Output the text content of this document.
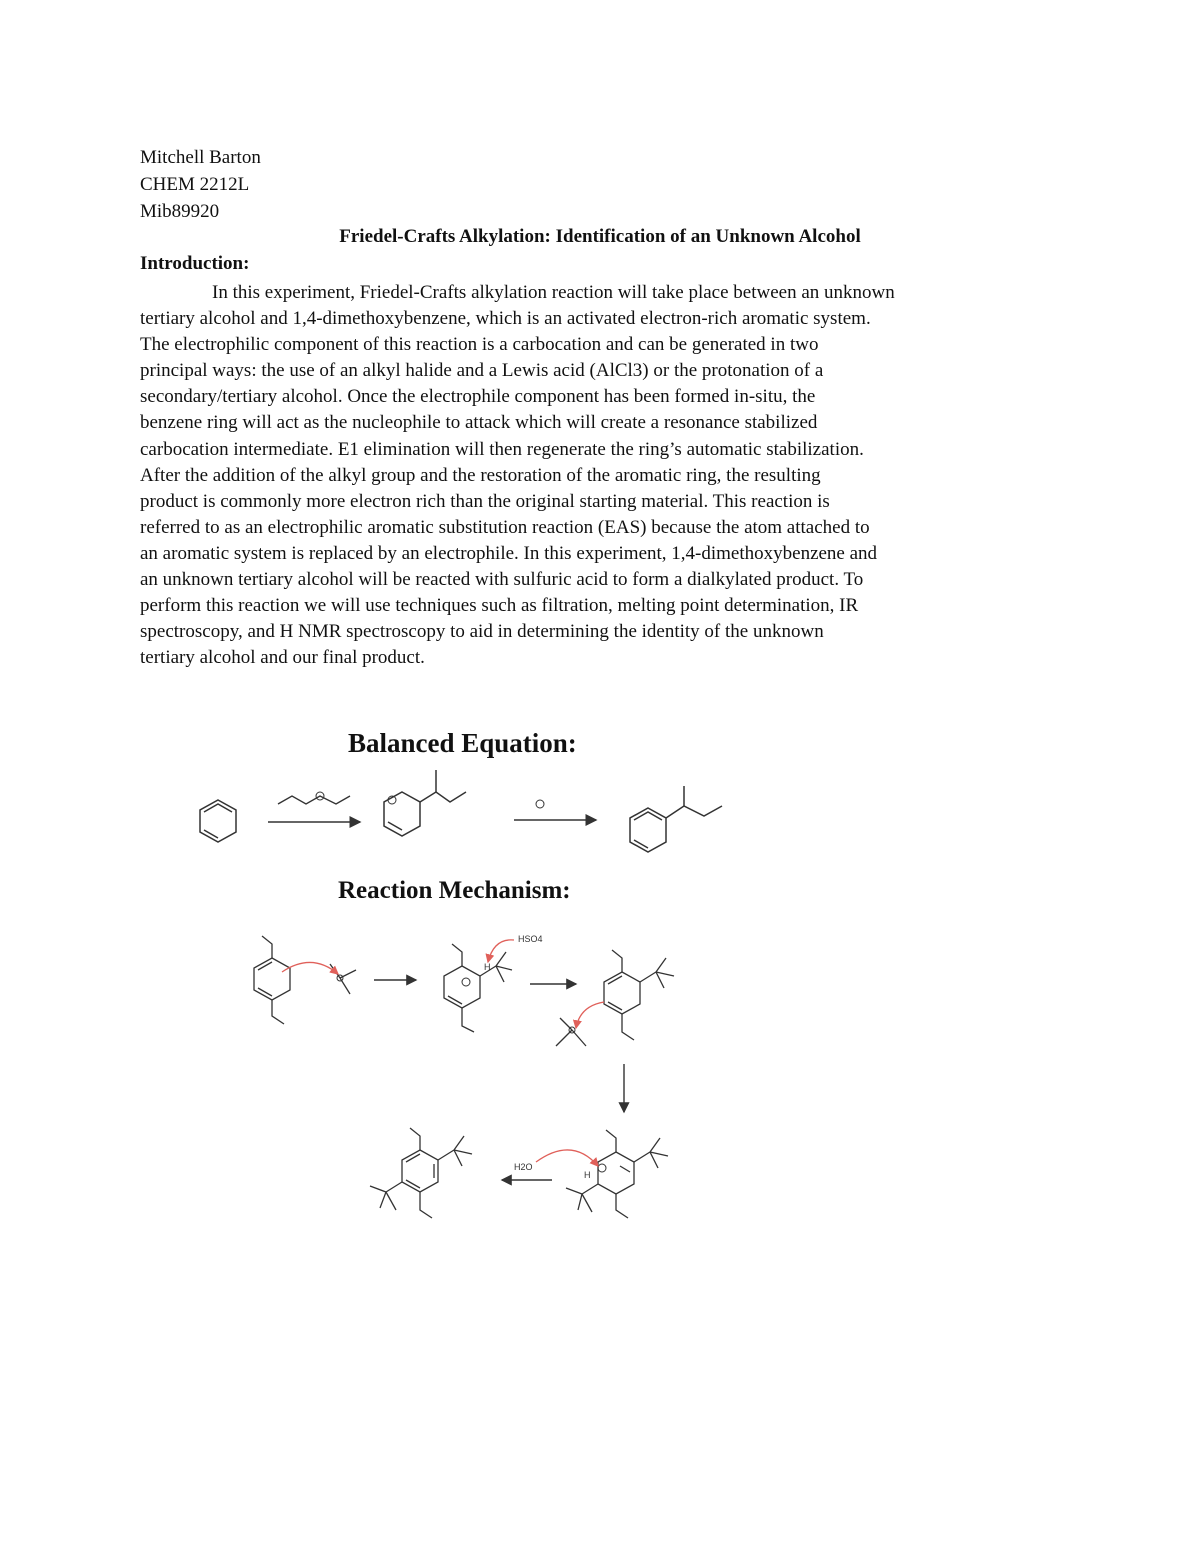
Mitchell Barton
CHEM 2212L
Mib89920
Friedel-Crafts Alkylation: Identification of an Unknown Alcohol
Introduction:
In this experiment, Friedel-Crafts alkylation reaction will take place between an unknown
tertiary alcohol and 1,4-dimethoxybenzene, which is an activated electron-rich aromatic system.
The electrophilic component of this reaction is a carbocation and can be generated in two
principal ways: the use of an alkyl halide and a Lewis acid (AlCl3) or the protonation of a
secondary/tertiary alcohol. Once the electrophile component has been formed in-situ, the
benzene ring will act as the nucleophile to attack which will create a resonance stabilized
carbocation intermediate. E1 elimination will then regenerate the ring’s automatic stabilization.
After the addition of the alkyl group and the restoration of the aromatic ring, the resulting
product is commonly more electron rich than the original starting material. This reaction is
referred to as an electrophilic aromatic substitution reaction (EAS) because the atom attached to
an aromatic system is replaced by an electrophile. In this experiment, 1,4-dimethoxybenzene and
an unknown tertiary alcohol will be reacted with sulfuric acid to form a dialkylated product. To
perform this reaction we will use techniques such as filtration, melting point determination, IR
spectroscopy, and H NMR spectroscopy to aid in determining the identity of the unknown
tertiary alcohol and our final product.
Balanced Equation:
Reaction Mechanism:
H
HSO4
H
H2O
